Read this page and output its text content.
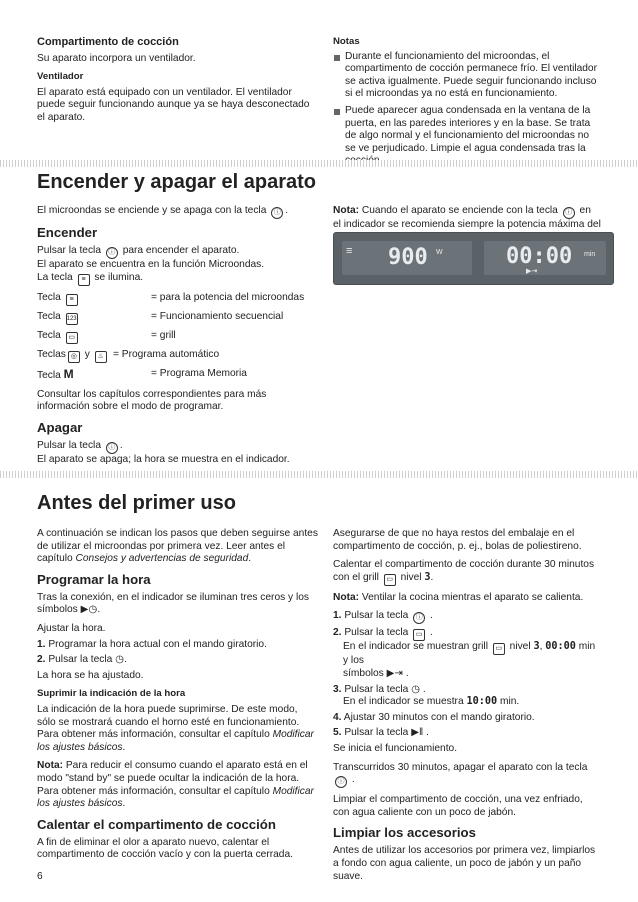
Compartimento de cocción
Su aparato incorpora un ventilador.
Ventilador
El aparato está equipado con un ventilador. El ventilador puede seguir funcionando aunque ya se haya desconectado el aparato.
Notas
Durante el funcionamiento del microondas, el compartimento de cocción permanece frío. El ventilador se activa igualmente. Puede seguir funcionando incluso si el microondas ya no está en funcionamiento.
Puede aparecer agua condensada en la ventana de la puerta, en las paredes interiores y en la base. Se trata de algo normal y el funcionamiento del microondas no se ve perjudicado. Limpie el agua condensada tras la
Encender y apagar el aparato
El microondas se enciende y se apaga con la tecla ⓘ .
Encender
Pulsar la tecla ⓘ para encender el aparato.
El aparato se encuentra en la función Microondas.
La tecla ≡ se ilumina.
Tecla ≡	= para la potencia del microondas
Tecla 123	= Funcionamiento secuencial
Tecla ▭	= grill
Teclas ◎ y ♨ = Programa automático
Tecla M	= Programa Memoria
Consultar los capítulos correspondientes para más información sobre el modo de programar.
Apagar
Pulsar la tecla ⓘ .
El aparato se apaga; la hora se muestra en el indicador.
Nota: Cuando el aparato se enciende con la tecla ⓘ en el indicador se recomienda siempre la potencia máxima del
≡ 900 W	00:00 min
▶⇥
Antes del primer uso
A continuación se indican los pasos que deben seguirse antes de utilizar el microondas por primera vez. Leer antes el capítulo Consejos y advertencias de seguridad.
Programar la hora
Tras la conexión, en el indicador se iluminan tres ceros y los símbolos ▶◷.
Ajustar la hora.
1. Programar la hora actual con el mando giratorio.
2. Pulsar la tecla ◷.
La hora se ha ajustado.
Suprimir la indicación de la hora
La indicación de la hora puede suprimirse. De este modo, sólo se mostrará cuando el horno esté en funcionamiento. Para obtener más información, consultar el capítulo Modificar los ajustes básicos.
Nota: Para reducir el consumo cuando el aparato está en el modo "stand by" se puede ocultar la indicación de la hora. Para obtener más información, consultar el capítulo Modificar los ajustes básicos.
Calentar el compartimento de cocción
A fin de eliminar el olor a aparato nuevo, calentar el compartimento de cocción vacío y con la puerta cerrada.
Asegurarse de que no haya restos del embalaje en el compartimento de cocción, p. ej., bolas de poliestireno.
Calentar el compartimento de cocción durante 30 minutos con el grill ▭ nivel 3.
Nota: Ventilar la cocina mientras el aparato se calienta.
1. Pulsar la tecla ⓘ .
2. Pulsar la tecla ▭ .
En el indicador se muestran grill ▭ nivel 3, 00:00 min y los
símbolos ▶⇥ .
3. Pulsar la tecla ◷ .
En el indicador se muestra 10:00 min.
4. Ajustar 30 minutos con el mando giratorio.
5. Pulsar la tecla ▶‖ .
Se inicia el funcionamiento.
Transcurridos 30 minutos, apagar el aparato con la tecla ⓘ .
Limpiar el compartimento de cocción, una vez enfriado, con agua caliente con un poco de jabón.
Limpiar los accesorios
Antes de utilizar los accesorios por primera vez, limpiarlos a fondo con agua caliente, un poco de jabón y un paño suave.
6
